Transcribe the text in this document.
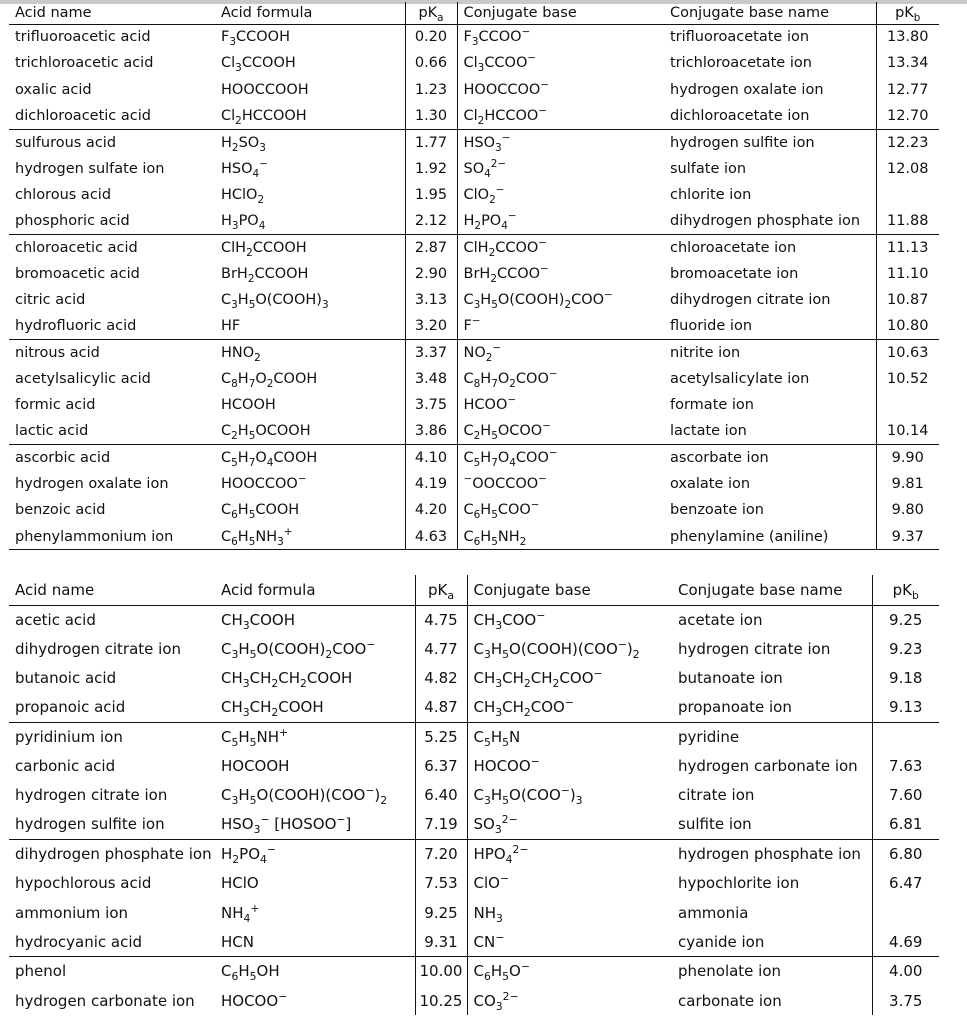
Acid name	Acid formula	$pK_a$	Conjugate base	Conjugate base name	$pK_b$
trifluoroacetic acid	$F_3CCOOH$	0.20	$F_3CCOO^-$	trifluoroacetate ion	13.80
trichloroacetic acid	$Cl_3CCOOH$	0.66	$Cl_3CCOO^-$	trichloroacetate ion	13.34
oxalic acid	HOOCCOOH	1.23	HOOCCOO−	hydrogen oxalate ion	12.77
dichloroacetic acid	$Cl_2HCCOOH$	1.30	$Cl_2HCCOO^-$	dichloroacetate ion	12.70
sulfurous acid	$H_2SO_3$	1.77	$HSO_3^-$	hydrogen sulfite ion	12.23
hydrogen sulfate ion	$HSO_4^-$	1.92	$SO_4^{2-}$	sulfate ion	12.08
chlorous acid	HClO$_2$	1.95	ClO$_2$−	chlorite ion	
phosphoric acid	$H_3PO_4$	2.12	$H_2PO_4^-$	dihydrogen phosphate ion	11.88
chloroacetic acid	ClH$_2$CCOOH	2.87	ClH$_2$CCOO−	chloroacetate ion	11.13
bromoacetic acid	BrH$_2$CCOOH	2.90	BrH$_2$CCOO−	bromoacetate ion	11.10
citric acid	$C_3H_5O(COOH)_3$	3.13	$C_3H_5O(COOH)_2COO^-$	dihydrogen citrate ion	10.87
hydrofluoric acid	HF	3.20	F−	fluoride ion	10.80
nitrous acid	$HNO_2$	3.37	$NO_2^-$	nitrite ion	10.63
acetylsalicylic acid	$C_8H_7O_2COOH$	3.48	$C_8H_7O_2COO^-$	acetylsalicylate ion	10.52
formic acid	HCOOH	3.75	HCOO−	formate ion	
lactic acid	$C_2H_5OCOOH$	3.86	$C_2H_5OCOO^-$	lactate ion	10.14
ascorbic acid	$C_5H_7O_4COOH$	4.10	$C_5H_7O_4COO^-$	ascorbate ion	9.90
hydrogen oxalate ion	HOOCCOO−	4.19	−OOCCOO−	oxalate ion	9.81
benzoic acid	$C_6H_5COOH$	4.20	$C_6H_5COO^-$	benzoate ion	9.80
phenylammonium ion	$C_6H_5NH_3^+$	4.63	$C_6H_5NH_2$	phenylamine (aniline)	9.37
Acid name	Acid formula	$pK_a$	Conjugate base	Conjugate base name	$pK_b$
acetic acid	$CH_3COOH$	4.75	$CH_3COO^-$	acetate ion	9.25
dihydrogen citrate ion	$C_3H_5O(COOH)_2COO^-$	4.77	$C_3H_5O(COOH)(COO^-)_2$	hydrogen citrate ion	9.23
butanoic acid	$CH_3CH_2CH_2COOH$	4.82	$CH_3CH_2CH_2COO^-$	butanoate ion	9.18
propanoic acid	$CH_3CH_2COOH$	4.87	$CH_3CH_2COO^-$	propanoate ion	9.13
pyridinium ion	$C_5H_5NH^+$	5.25	$C_5H_5N$	pyridine	
carbonic acid	HOCOOH	6.37	HOCOO−	hydrogen carbonate ion	7.63
hydrogen citrate ion	$C_3H_5O(COOH)(COO^-)_2$	6.40	$C_3H_5O(COO^-)_3$	citrate ion	7.60
hydrogen sulfite ion	$HSO_3^-$ [HOSOO−]	7.19	$SO_3^{2-}$	sulfite ion	6.81
dihydrogen phosphate ion	$H_2PO_4^-$	7.20	$HPO_4^{2-}$	hydrogen phosphate ion	6.80
hypochlorous acid	HClO	7.53	ClO−	hypochlorite ion	6.47
ammonium ion	$NH_4^+$	9.25	$NH_3$	ammonia	
hydrocyanic acid	HCN	9.31	CN−	cyanide ion	4.69
phenol	$C_6H_5OH$	10.00	$C_6H_5O^-$	phenolate ion	4.00
hydrogen carbonate ion	HOCOO−	10.25	$CO_3^{2-}$	carbonate ion	3.75
